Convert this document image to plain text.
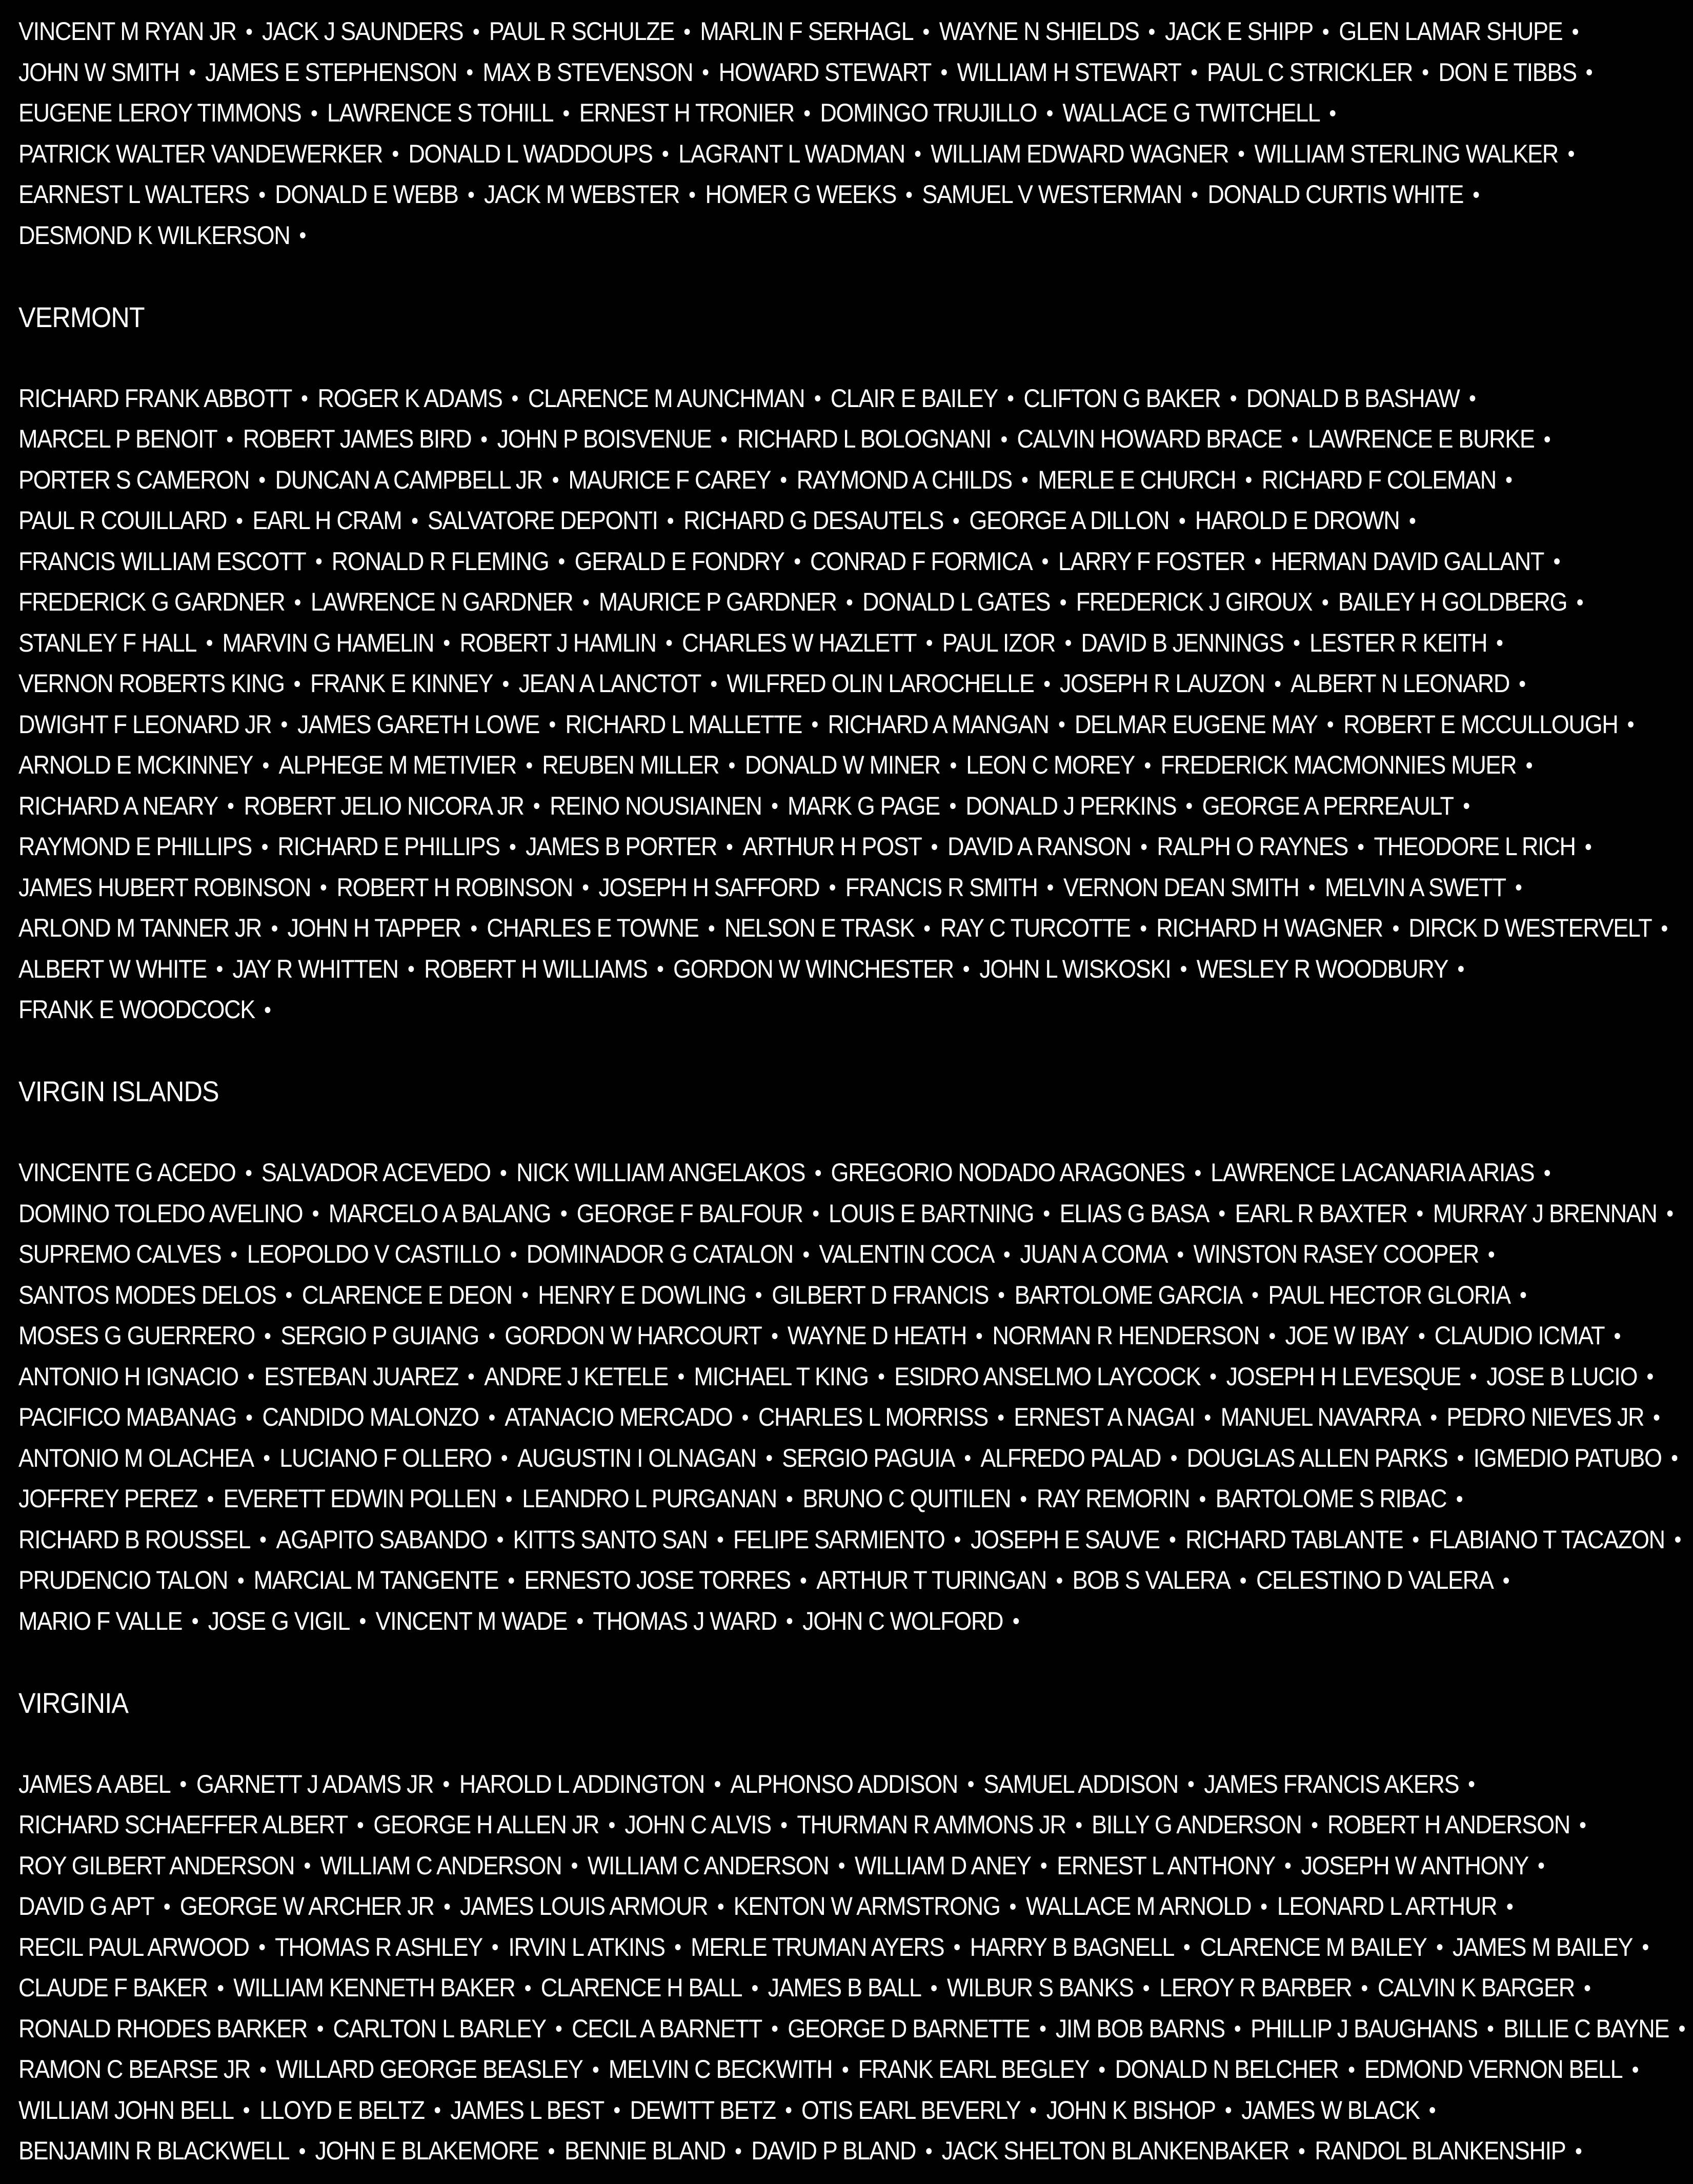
VINCENT M RYAN JR JACK J SAUNDERS PAUL R SCHULZE MARLIN F SERHAGL WAYNE N SHIELDS JACK E SHIPP GLEN LAMAR SHUPE
JOHN W SMITH JAMES E STEPHENSON MAX B STEVENSON HOWARD STEWART WILLIAM H STEWART PAUL C STRICKLER DON E TIBBS
EUGENE LEROY TIMMONS LAWRENCE S TOHILL ERNEST H TRONIER DOMINGO TRUJILLO WALLACE G TWITCHELL
PATRICK WALTER VANDEWERKER DONALD L WADDOUPS LAGRANT L WADMAN WILLIAM EDWARD WAGNER WILLIAM STERLING WALKER
EARNEST L WALTERS DONALD E WEBB JACK M WEBSTER HOMER G WEEKS SAMUEL V WESTERMAN DONALD CURTIS WHITE
DESMOND K WILKERSON
VERMONT
RICHARD FRANK ABBOTT ROGER K ADAMS CLARENCE M AUNCHMAN CLAIR E BAILEY CLIFTON G BAKER DONALD B BASHAW
MARCEL P BENOIT ROBERT JAMES BIRD JOHN P BOISVENUE RICHARD L BOLOGNANI CALVIN HOWARD BRACE LAWRENCE E BURKE
PORTER S CAMERON DUNCAN A CAMPBELL JR MAURICE F CAREY RAYMOND A CHILDS MERLE E CHURCH RICHARD F COLEMAN
PAUL R COUILLARD EARL H CRAM SALVATORE DEPONTI RICHARD G DESAUTELS GEORGE A DILLON HAROLD E DROWN
FRANCIS WILLIAM ESCOTT RONALD R FLEMING GERALD E FONDRY CONRAD F FORMICA LARRY F FOSTER HERMAN DAVID GALLANT
FREDERICK G GARDNER LAWRENCE N GARDNER MAURICE P GARDNER DONALD L GATES FREDERICK J GIROUX BAILEY H GOLDBERG
STANLEY F HALL MARVIN G HAMELIN ROBERT J HAMLIN CHARLES W HAZLETT PAUL IZOR DAVID B JENNINGS LESTER R KEITH
VERNON ROBERTS KING FRANK E KINNEY JEAN A LANCTOT WILFRED OLIN LAROCHELLE JOSEPH R LAUZON ALBERT N LEONARD
DWIGHT F LEONARD JR JAMES GARETH LOWE RICHARD L MALLETTE RICHARD A MANGAN DELMAR EUGENE MAY ROBERT E MCCULLOUGH
ARNOLD E MCKINNEY ALPHEGE M METIVIER REUBEN MILLER DONALD W MINER LEON C MOREY FREDERICK MACMONNIES MUER
RICHARD A NEARY ROBERT JELIO NICORA JR REINO NOUSIAINEN MARK G PAGE DONALD J PERKINS GEORGE A PERREAULT
RAYMOND E PHILLIPS RICHARD E PHILLIPS JAMES B PORTER ARTHUR H POST DAVID A RANSON RALPH O RAYNES THEODORE L RICH
JAMES HUBERT ROBINSON ROBERT H ROBINSON JOSEPH H SAFFORD FRANCIS R SMITH VERNON DEAN SMITH MELVIN A SWETT
ARLOND M TANNER JR JOHN H TAPPER CHARLES E TOWNE NELSON E TRASK RAY C TURCOTTE RICHARD H WAGNER DIRCK D WESTERVELT
ALBERT W WHITE JAY R WHITTEN ROBERT H WILLIAMS GORDON W WINCHESTER JOHN L WISKOSKI WESLEY R WOODBURY
FRANK E WOODCOCK
VIRGIN ISLANDS
VINCENTE G ACEDO SALVADOR ACEVEDO NICK WILLIAM ANGELAKOS GREGORIO NODADO ARAGONES LAWRENCE LACANARIA ARIAS
DOMINO TOLEDO AVELINO MARCELO A BALANG GEORGE F BALFOUR LOUIS E BARTNING ELIAS G BASA EARL R BAXTER MURRAY J BRENNAN
SUPREMO CALVES LEOPOLDO V CASTILLO DOMINADOR G CATALON VALENTIN COCA JUAN A COMA WINSTON RASEY COOPER
SANTOS MODES DELOS CLARENCE E DEON HENRY E DOWLING GILBERT D FRANCIS BARTOLOME GARCIA PAUL HECTOR GLORIA
MOSES G GUERRERO SERGIO P GUIANG GORDON W HARCOURT WAYNE D HEATH NORMAN R HENDERSON JOE W IBAY CLAUDIO ICMAT
ANTONIO H IGNACIO ESTEBAN JUAREZ ANDRE J KETELE MICHAEL T KING ESIDRO ANSELMO LAYCOCK JOSEPH H LEVESQUE JOSE B LUCIO
PACIFICO MABANAG CANDIDO MALONZO ATANACIO MERCADO CHARLES L MORRISS ERNEST A NAGAI MANUEL NAVARRA PEDRO NIEVES JR
ANTONIO M OLACHEA LUCIANO F OLLERO AUGUSTIN I OLNAGAN SERGIO PAGUIA ALFREDO PALAD DOUGLAS ALLEN PARKS IGMEDIO PATUBO
JOFFREY PEREZ EVERETT EDWIN POLLEN LEANDRO L PURGANAN BRUNO C QUITILEN RAY REMORIN BARTOLOME S RIBAC
RICHARD B ROUSSEL AGAPITO SABANDO KITTS SANTO SAN FELIPE SARMIENTO JOSEPH E SAUVE RICHARD TABLANTE FLABIANO T TACAZON
PRUDENCIO TALON MARCIAL M TANGENTE ERNESTO JOSE TORRES ARTHUR T TURINGAN BOB S VALERA CELESTINO D VALERA
MARIO F VALLE JOSE G VIGIL VINCENT M WADE THOMAS J WARD JOHN C WOLFORD
VIRGINIA
JAMES A ABEL GARNETT J ADAMS JR HAROLD L ADDINGTON ALPHONSO ADDISON SAMUEL ADDISON JAMES FRANCIS AKERS
RICHARD SCHAEFFER ALBERT GEORGE H ALLEN JR JOHN C ALVIS THURMAN R AMMONS JR BILLY G ANDERSON ROBERT H ANDERSON
ROY GILBERT ANDERSON WILLIAM C ANDERSON WILLIAM C ANDERSON WILLIAM D ANEY ERNEST L ANTHONY JOSEPH W ANTHONY
DAVID G APT GEORGE W ARCHER JR JAMES LOUIS ARMOUR KENTON W ARMSTRONG WALLACE M ARNOLD LEONARD L ARTHUR
RECIL PAUL ARWOOD THOMAS R ASHLEY IRVIN L ATKINS MERLE TRUMAN AYERS HARRY B BAGNELL CLARENCE M BAILEY JAMES M BAILEY
CLAUDE F BAKER WILLIAM KENNETH BAKER CLARENCE H BALL JAMES B BALL WILBUR S BANKS LEROY R BARBER CALVIN K BARGER
RONALD RHODES BARKER CARLTON L BARLEY CECIL A BARNETT GEORGE D BARNETTE JIM BOB BARNS PHILLIP J BAUGHANS BILLIE C BAYNE
RAMON C BEARSE JR WILLARD GEORGE BEASLEY MELVIN C BECKWITH FRANK EARL BEGLEY DONALD N BELCHER EDMOND VERNON BELL
WILLIAM JOHN BELL LLOYD E BELTZ JAMES L BEST DEWITT BETZ OTIS EARL BEVERLY JOHN K BISHOP JAMES W BLACK
BENJAMIN R BLACKWELL JOHN E BLAKEMORE BENNIE BLAND DAVID P BLAND JACK SHELTON BLANKENBAKER RANDOL BLANKENSHIP
